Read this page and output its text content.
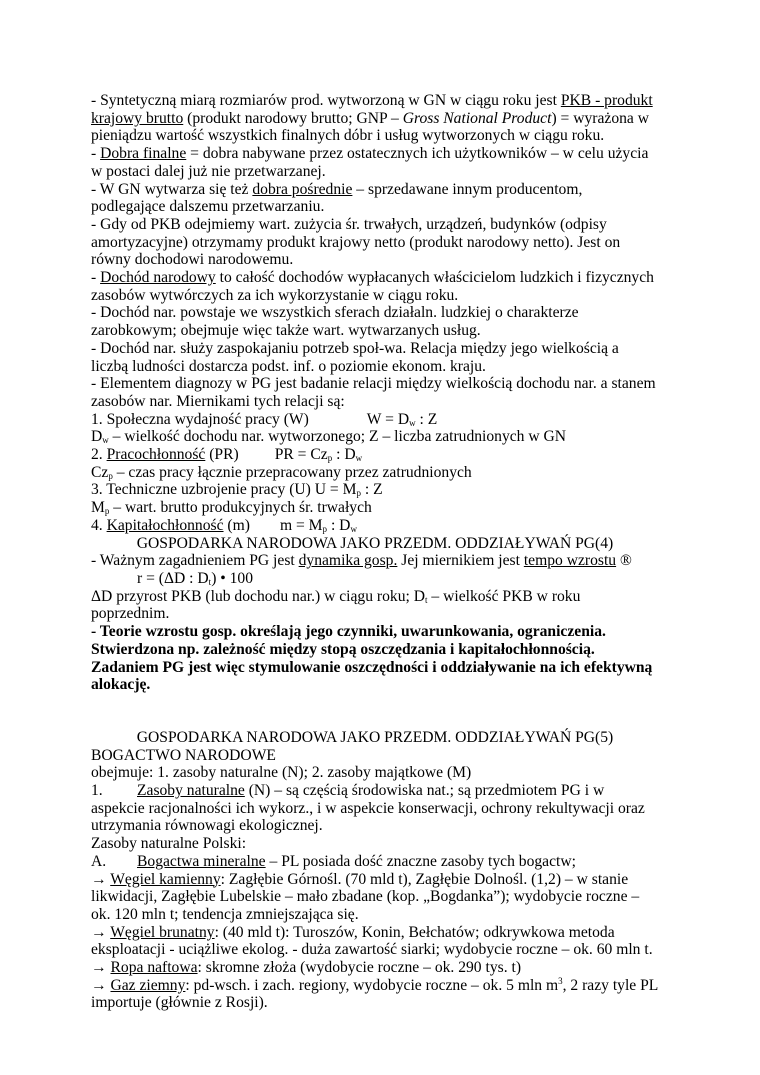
- Syntetyczną miarą rozmiarów prod. wytworzoną w GN w ciągu roku jest PKB - produkt krajowy brutto (produkt narodowy brutto; GNP – Gross National Product) = wyrażona w pieniądzu wartość wszystkich finalnych dóbr i usług wytworzonych w ciągu roku.

- Dobra finalne = dobra nabywane przez ostatecznych ich użytkowników – w celu użycia w postaci dalej już nie przetwarzanej.

- W GN wytwarza się też dobra pośrednie – sprzedawane innym producentom, podlegające dalszemu przetwarzaniu.

- Gdy od PKB odejmiemy wart. zużycia śr. trwałych, urządzeń, budynków (odpisy amortyzacyjne) otrzymamy produkt krajowy netto (produkt narodowy netto). Jest on równy dochodowi narodowemu.

- Dochód narodowy to całość dochodów wypłacanych właścicielom ludzkich i fizycznych zasobów wytwórczych za ich wykorzystanie w ciągu roku.

- Dochód nar. powstaje we wszystkich sferach działaln. ludzkiej o charakterze zarobkowym; obejmuje więc także wart. wytwarzanych usług.

- Dochód nar. służy zaspokajaniu potrzeb społ-wa. Relacja między jego wielkością a liczbą ludności dostarcza podst. inf. o poziomie ekonom. kraju.

- Elementem diagnozy w PG jest badanie relacji między wielkością dochodu nar. a stanem zasobów nar. Miernikami tych relacji są:

1. Społeczna wydajność pracy (W)	$W = D_w$ : Z

$D_w$ – wielkość dochodu nar. wytworzonego; Z – liczba zatrudnionych w GN

2. Pracochłonność (PR) PR = $Cz_p$ : $D_w$

$Cz_p$ – czas pracy łącznie przepracowany przez zatrudnionych

3. Techniczne uzbrojenie pracy (U) $U = M_p$ : Z

$M_p$ – wart. brutto produkcyjnych śr. trwałych

4. Kapitałochłonność (m) $m = M_p$ : $D_w$

GOSPODARKA NARODOWA JAKO PRZEDM. ODDZIAŁYWAŃ PG(4)

- Ważnym zagadnieniem PG jest dynamika gosp. Jej miernikiem jest tempo wzrostu ®

r = (ΔD : $D_t$) • 100

ΔD przyrost PKB (lub dochodu nar.) w ciągu roku; $D_t$ – wielkość PKB w roku poprzednim.

- Teorie wzrostu gosp. określają jego czynniki, uwarunkowania, ograniczenia. Stwierdzona np. zależność między stopą oszczędzania i kapitałochłonnością. Zadaniem PG jest więc stymulowanie oszczędności i oddziaływanie na ich efektywną alokację.

GOSPODARKA NARODOWA JAKO PRZEDM. ODDZIAŁYWAŃ PG(5)

BOGACTWO NARODOWE

obejmuje: 1. zasoby naturalne (N); 2. zasoby majątkowe (M)

1. Zasoby naturalne (N) – są częścią środowiska nat.; są przedmiotem PG i w aspekcie racjonalności ich wykorz., i w aspekcie konserwacji, ochrony rekultywacji oraz utrzymania równowagi ekologicznej.

Zasoby naturalne Polski:

A. Bogactwa mineralne – PL posiada dość znaczne zasoby tych bogactw;

→ Węgiel kamienny: Zagłębie Górnośl. (70 mld t), Zagłębie Dolnośl. (1,2) – w stanie likwidacji, Zagłębie Lubelskie – mało zbadane (kop. „Bogdanka”); wydobycie roczne – ok. 120 mln t; tendencja zmniejszająca się.

→ Węgiel brunatny: (40 mld t): Turoszów, Konin, Bełchatów; odkrywkowa metoda eksploatacji - uciążliwe ekolog. - duża zawartość siarki; wydobycie roczne – ok. 60 mln t.

→ Ropa naftowa: skromne złoża (wydobycie roczne – ok. 290 tys. t)

→ Gaz ziemny: pd-wsch. i zach. regiony, wydobycie roczne – ok. 5 mln $m^3$, 2 razy tyle PL importuje (głównie z Rosji).
